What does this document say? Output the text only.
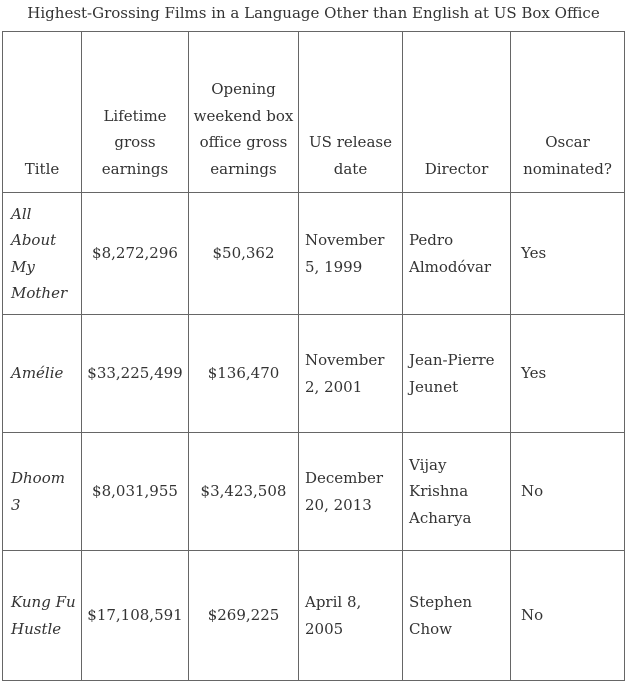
Highest-Grossing Films in a Language Other than English at US Box Office
Title	Lifetime gross earnings	Opening weekend box office gross earnings	US release date	Director	Oscar nominated?
All About My Mother	$8,272,296	$50,362	November 5, 1999	Pedro Almodóvar	Yes
Amélie	$33,225,499	$136,470	November 2, 2001	Jean-Pierre Jeunet	Yes
Dhoom 3	$8,031,955	$3,423,508	December 20, 2013	Vijay Krishna Acharya	No
Kung Fu Hustle	$17,108,591	$269,225	April 8, 2005	Stephen Chow	No
